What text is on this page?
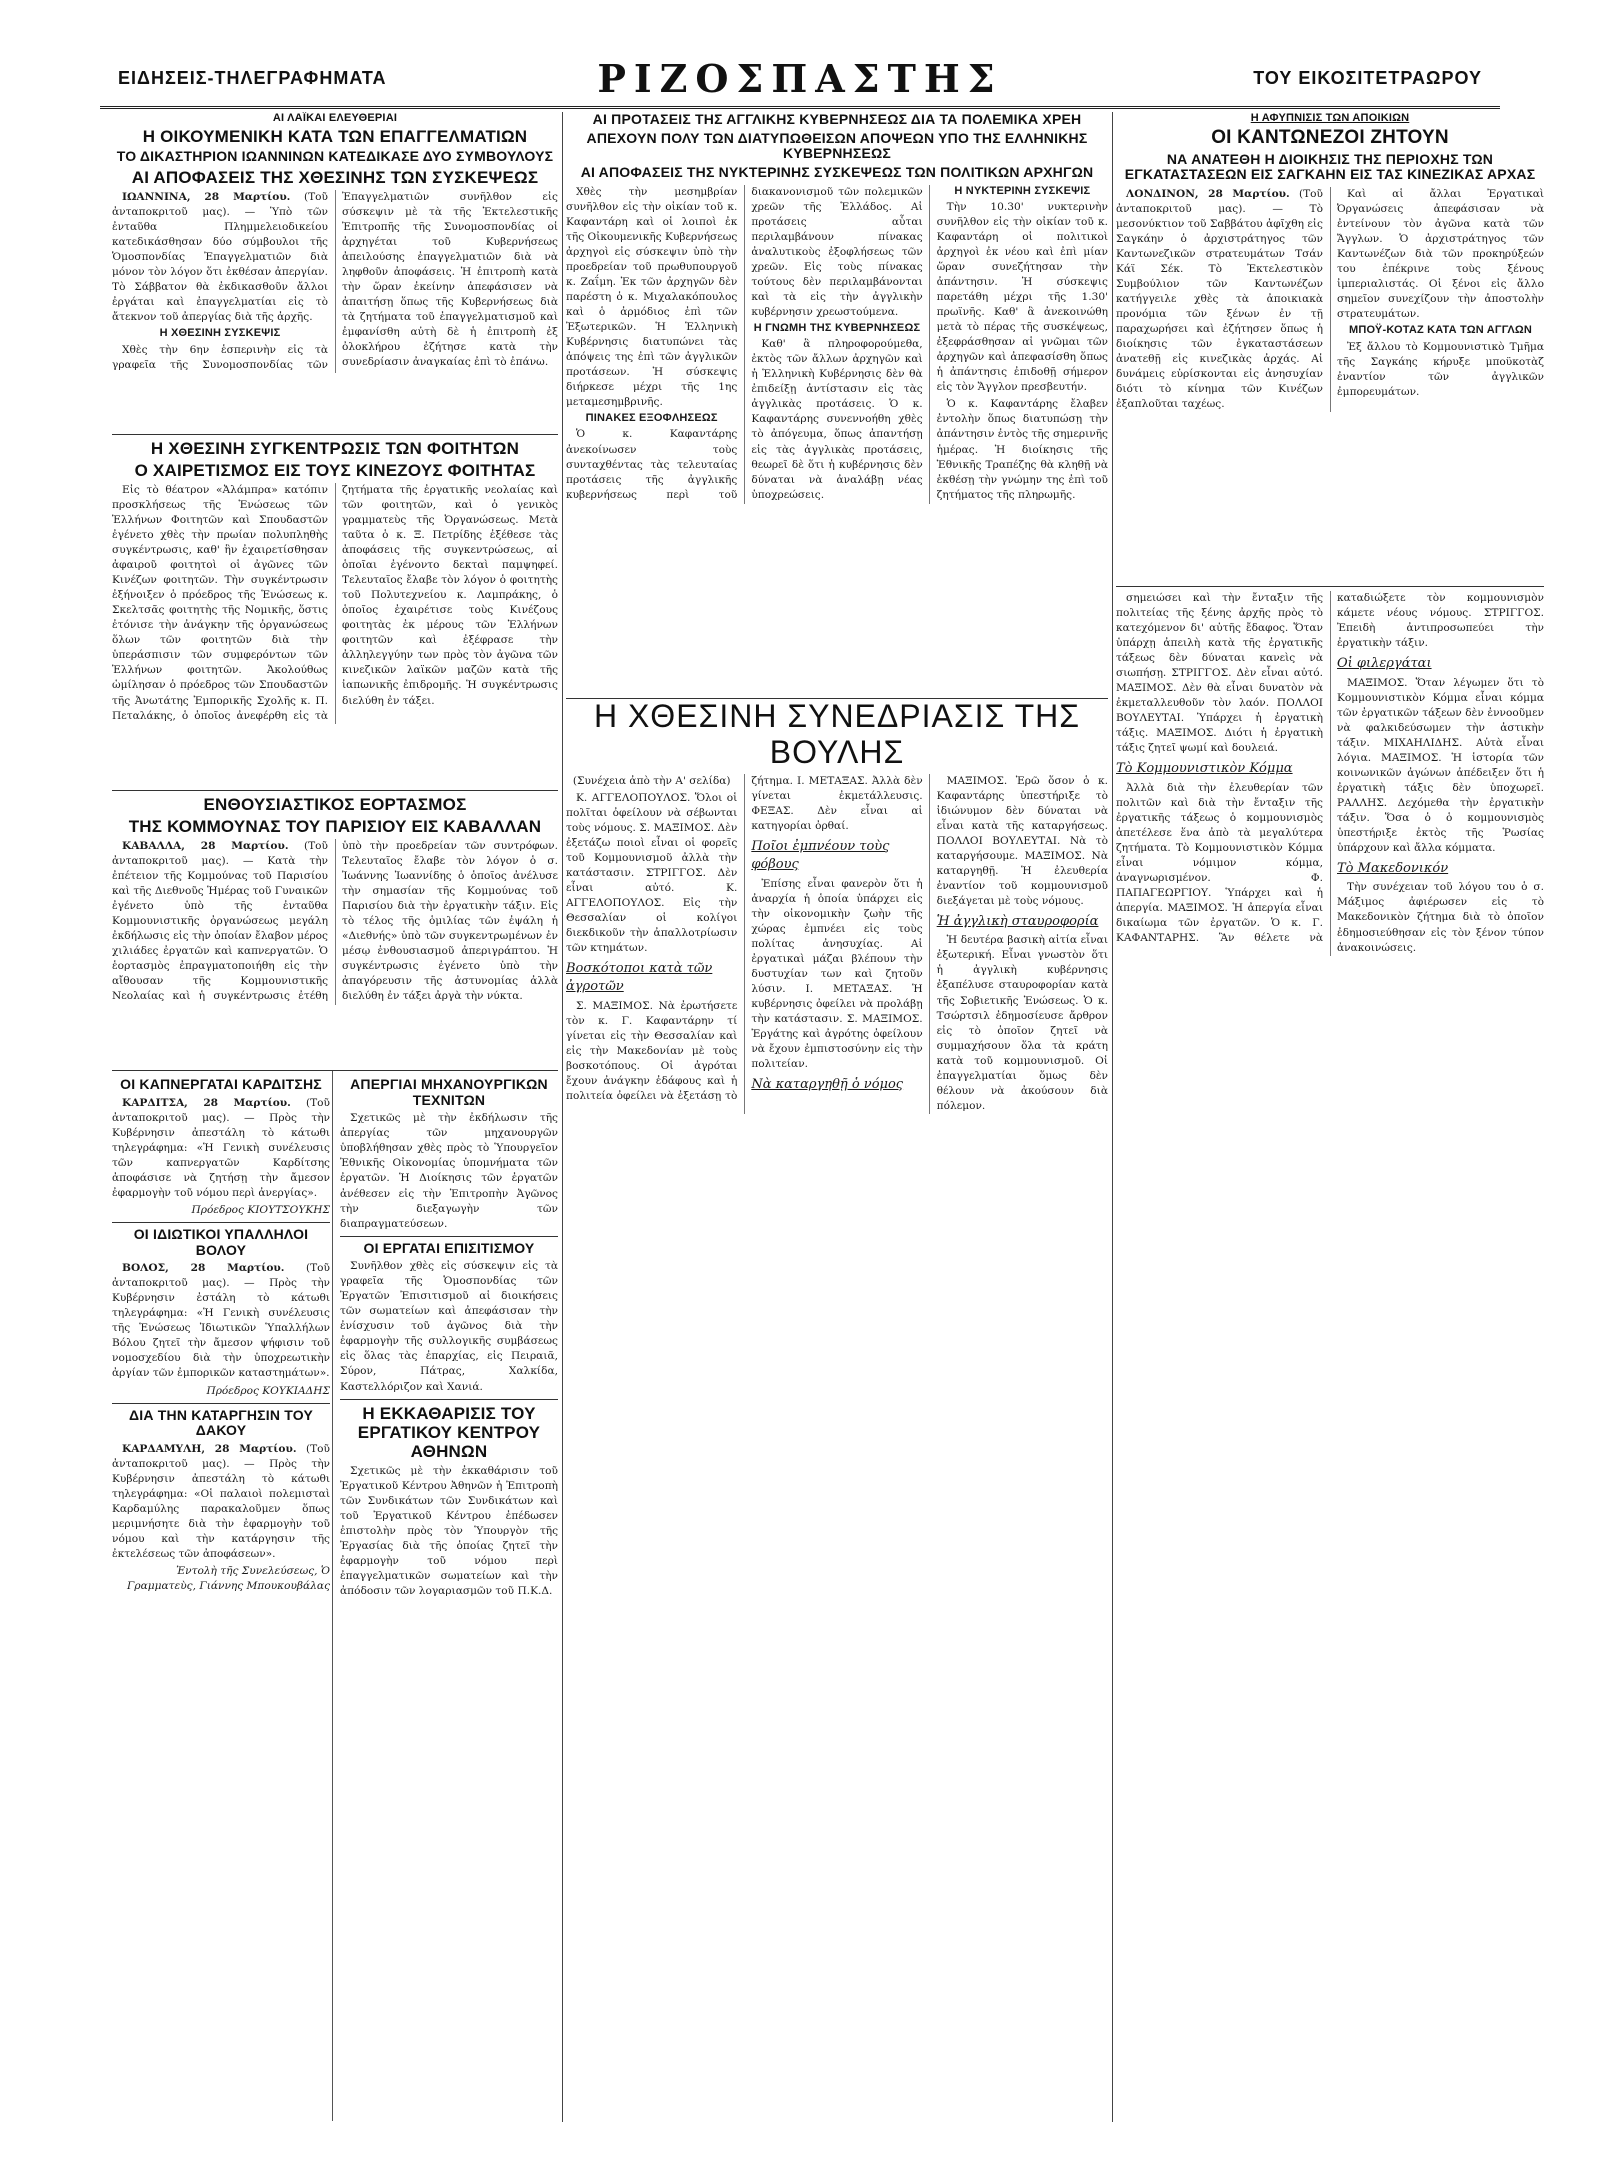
ΕΙΔΗΣΕΙΣ-ΤΗΛΕΓΡΑΦΗΜΑΤΑ	ΡΙΖΟΣΠΑΣΤΗΣ	ΤΟΥ ΕΙΚΟΣΙΤΕΤΡΑΩΡΟΥ
ΑΙ ΛΑΪΚΑΙ ΕΛΕΥΘΕΡΙΑΙ
Η ΟΙΚΟΥΜΕΝΙΚΗ ΚΑΤΑ ΤΩΝ ΕΠΑΓΓΕΛΜΑΤΙΩΝ
ΤΟ ΔΙΚΑΣΤΗΡΙΟΝ ΙΩΑΝΝΙΝΩΝ ΚΑΤΕΔΙΚΑΣΕ ΔΥΟ ΣΥΜΒΟΥΛΟΥΣ
ΑΙ ΑΠΟΦΑΣΕΙΣ ΤΗΣ ΧΘΕΣΙΝΗΣ ΤΩΝ ΣΥΣΚΕΨΕΩΣ

ΙΩΑΝΝΙΝΑ, 28 Μαρτίου. (Τοῦ ἀνταποκριτοῦ μας). — Ὑπὸ τῶν ἐνταῦθα Πλημμελειοδικείου κατεδικάσθησαν δύο σύμβουλοι τῆς Ὁμοσπονδίας Ἐπαγγελματιῶν διὰ μόνον τὸν λόγον ὅτι ἐκθέσαν ἀπεργίαν. Τὸ Σάββατον θὰ ἐκδικασθοῦν ἄλλοι ἐργάται καὶ ἐπαγγελματίαι εἰς τὸ ἄτεκνον τοῦ ἀπεργίας διὰ τῆς ἀρχῆς.

Η ΧΘΕΣΙΝΗ ΣΥΣΚΕΨΙΣ

Χθὲς τὴν 6ην ἑσπερινὴν εἰς τὰ γραφεῖα τῆς Συνομοσπονδίας τῶν Ἐπαγγελματιῶν συνῆλθον εἰς σύσκεψιν μὲ τὰ τῆς Ἐκτελεστικῆς Ἐπιτροπῆς τῆς Συνομοσπονδίας οἱ ἀρχηγέται τοῦ Κυβερνήσεως ἀπειλούσης ἐπαγγελματιῶν διὰ νὰ ληφθοῦν ἀποφάσεις. Ἡ ἐπιτροπὴ κατὰ τὴν ὥραν ἐκείνην ἀπεφάσισεν νὰ ἀπαιτήσῃ ὅπως τῆς Κυβερνήσεως διὰ τὰ ζητήματα τοῦ ἐπαγγελματισμοῦ καὶ ἐμφανίσθη αὐτὴ δὲ ἡ ἐπιτροπὴ ἐξ ὀλοκλήρου ἐζήτησε κατὰ τὴν συνεδρίασιν ἀναγκαίας ἐπὶ τὸ ἐπάνω.

Η ΧΘΕΣΙΝΗ ΣΥΓΚΕΝΤΡΩΣΙΣ ΤΩΝ ΦΟΙΤΗΤΩΝ
Ο ΧΑΙΡΕΤΙΣΜΟΣ ΕΙΣ ΤΟΥΣ ΚΙΝΕΖΟΥΣ ΦΟΙΤΗΤΑΣ

Εἰς τὸ θέατρον «Ἀλάμπρα» κατόπιν προσκλήσεως τῆς Ἑνώσεως τῶν Ἑλλήνων Φοιτητῶν καὶ Σπουδαστῶν ἐγένετο χθὲς τὴν πρωίαν πολυπληθὴς συγκέντρωσις, καθ' ἣν ἐχαιρετίσθησαν ἀφαιροῦ φοιτητοὶ οἱ ἀγῶνες τῶν Κινέζων φοιτητῶν. Τὴν συγκέντρωσιν ἐξήνοιξεν ὁ πρόεδρος τῆς Ἑνώσεως κ. Σκελτσᾶς φοιτητὴς τῆς Νομικῆς, ὅστις ἐτόνισε τὴν ἀνάγκην τῆς ὀργανώσεως ὅλων τῶν φοιτητῶν διὰ τὴν ὑπεράσπισιν τῶν συμφερόντων τῶν Ἑλλήνων φοιτητῶν. Ἀκολούθως ὡμίλησαν ὁ πρόεδρος τῶν Σπουδαστῶν τῆς Ἀνωτάτης Ἐμπορικῆς Σχολῆς κ. Π. Πεταλάκης, ὁ ὁποῖος ἀνεφέρθη εἰς τὰ ζητήματα τῆς ἐργατικῆς νεολαίας καὶ τῶν φοιτητῶν, καὶ ὁ γενικὸς γραμματεὺς τῆς Ὀργανώσεως. Μετὰ ταῦτα ὁ κ. Ξ. Πετρίδης ἐξέθεσε τὰς ἀποφάσεις τῆς συγκεντρώσεως, αἱ ὁποῖαι ἐγένοντο δεκταὶ παμψηφεί. Τελευταῖος ἔλαβε τὸν λόγον ὁ φοιτητὴς τοῦ Πολυτεχνείου κ. Λαμπράκης, ὁ ὁποῖος ἐχαιρέτισε τοὺς Κινέζους φοιτητὰς ἐκ μέρους τῶν Ἑλλήνων φοιτητῶν καὶ ἐξέφρασε τὴν ἀλληλεγγύην των πρὸς τὸν ἀγῶνα τῶν κινεζικῶν λαϊκῶν μαζῶν κατὰ τῆς ἰαπωνικῆς ἐπιδρομῆς. Ἡ συγκέντρωσις διελύθη ἐν τάξει.

ΕΝΘΟΥΣΙΑΣΤΙΚΟΣ ΕΟΡΤΑΣΜΟΣ
ΤΗΣ ΚΟΜΜΟΥΝΑΣ ΤΟΥ ΠΑΡΙΣΙΟΥ ΕΙΣ ΚΑΒΑΛΛΑΝ

ΚΑΒΑΛΛΑ, 28 Μαρτίου. (Τοῦ ἀνταποκριτοῦ μας). — Κατὰ τὴν ἐπέτειον τῆς Κομμούνας τοῦ Παρισίου καὶ τῆς Διεθνοῦς Ἡμέρας τοῦ Γυναικῶν ἐγένετο ὑπὸ τῆς ἐνταῦθα Κομμουνιστικῆς ὀργανώσεως μεγάλη ἐκδήλωσις εἰς τὴν ὁποίαν ἔλαβον μέρος χιλιάδες ἐργατῶν καὶ καπνεργατῶν. Ὁ ἑορτασμὸς ἐπραγματοποιήθη εἰς τὴν αἴθουσαν τῆς Κομμουνιστικῆς Νεολαίας καὶ ἡ συγκέντρωσις ἐτέθη ὑπὸ τὴν προεδρείαν τῶν συντρόφων. Τελευταῖος ἔλαβε τὸν λόγον ὁ σ. Ἰωάννης Ἰωαννίδης ὁ ὁποῖος ἀνέλυσε τὴν σημασίαν τῆς Κομμούνας τοῦ Παρισίου διὰ τὴν ἐργατικὴν τάξιν. Εἰς τὸ τέλος τῆς ὁμιλίας τῶν ἐψάλη ἡ «Διεθνής» ὑπὸ τῶν συγκεντρωμένων ἐν μέσῳ ἐνθουσιασμοῦ ἀπεριγράπτου. Ἡ συγκέντρωσις ἐγένετο ὑπὸ τὴν ἀπαγόρευσιν τῆς ἀστυνομίας ἀλλὰ διελύθη ἐν τάξει ἀργὰ τὴν νύκτα.

ΟΙ ΚΑΠΝΕΡΓΑΤΑΙ ΚΑΡΔΙΤΣΗΣ

ΚΑΡΔΙΤΣΑ, 28 Μαρτίου. (Τοῦ ἀνταποκριτοῦ μας). — Πρὸς τὴν Κυβέρνησιν ἀπεστάλη τὸ κάτωθι τηλεγράφημα: «Ἡ Γενικὴ συνέλευσις τῶν καπνεργατῶν Καρδίτσης ἀποφάσισε νὰ ζητήσῃ τὴν ἄμεσον ἐφαρμογὴν τοῦ νόμου περὶ ἀνεργίας».

Πρόεδρος ΚΙΟΥΤΣΟΥΚΗΣ
ΟΙ ΙΔΙΩΤΙΚΟΙ ΥΠΑΛΛΗΛΟΙ ΒΟΛΟΥ

ΒΟΛΟΣ, 28 Μαρτίου. (Τοῦ ἀνταποκριτοῦ μας). — Πρὸς τὴν Κυβέρνησιν ἐστάλη τὸ κάτωθι τηλεγράφημα: «Ἡ Γενικὴ συνέλευσις τῆς Ἑνώσεως Ἰδιωτικῶν Ὑπαλλήλων Βόλου ζητεῖ τὴν ἄμεσον ψήφισιν τοῦ νομοσχεδίου διὰ τὴν ὑποχρεωτικὴν ἀργίαν τῶν ἐμπορικῶν καταστημάτων».

Πρόεδρος ΚΟΥΚΙΑΔΗΣ
ΔΙΑ ΤΗΝ ΚΑΤΑΡΓΗΣΙΝ ΤΟΥ ΔΑΚΟΥ

ΚΑΡΔΑΜΥΛΗ, 28 Μαρτίου. (Τοῦ ἀνταποκριτοῦ μας). — Πρὸς τὴν Κυβέρνησιν ἀπεστάλη τὸ κάτωθι τηλεγράφημα: «Οἱ παλαιοὶ πολεμισταὶ Καρδαμύλης παρακαλοῦμεν ὅπως μεριμνήσητε διὰ τὴν ἐφαρμογὴν τοῦ νόμου καὶ τὴν κατάργησιν τῆς ἐκτελέσεως τῶν ἀποφάσεων».

Ἐντολὴ τῆς Συνελεύσεως, Ὁ Γραμματεὺς, Γιάννης Μπουκουβάλας
ΑΠΕΡΓΙΑΙ ΜΗΧΑΝΟΥΡΓΙΚΩΝ ΤΕΧΝΙΤΩΝ

Σχετικῶς μὲ τὴν ἐκδήλωσιν τῆς ἀπεργίας τῶν μηχανουργῶν ὑποβλήθησαν χθὲς πρὸς τὸ Ὑπουργεῖον Ἐθνικῆς Οἰκονομίας ὑπομνήματα τῶν ἐργατῶν. Ἡ Διοίκησις τῶν ἐργατῶν ἀνέθεσεν εἰς τὴν Ἐπιτροπὴν Ἀγῶνος τὴν διεξαγωγὴν τῶν διαπραγματεύσεων.

ΟΙ ΕΡΓΑΤΑΙ ΕΠΙΣΙΤΙΣΜΟΥ

Συνῆλθον χθὲς εἰς σύσκεψιν εἰς τὰ γραφεῖα τῆς Ὁμοσπονδίας τῶν Ἐργατῶν Ἐπισιτισμοῦ αἱ διοικήσεις τῶν σωματείων καὶ ἀπεφάσισαν τὴν ἐνίσχυσιν τοῦ ἀγῶνος διὰ τὴν ἐφαρμογὴν τῆς συλλογικῆς συμβάσεως εἰς ὅλας τὰς ἐπαρχίας, εἰς Πειραιᾶ, Σύρον, Πάτρας, Χαλκίδα, Καστελλόριζον καὶ Χανιά.

Η ΕΚΚΑΘΑΡΙΣΙΣ ΤΟΥ ΕΡΓΑΤΙΚΟΥ ΚΕΝΤΡΟΥ ΑΘΗΝΩΝ

Σχετικῶς μὲ τὴν ἐκκαθάρισιν τοῦ Ἐργατικοῦ Κέντρου Ἀθηνῶν ἡ Ἐπιτροπὴ τῶν Συνδικάτων τῶν Συνδικάτων καὶ τοῦ Ἐργατικοῦ Κέντρου ἐπέδωσεν ἐπιστολὴν πρὸς τὸν Ὑπουργὸν τῆς Ἐργασίας διὰ τῆς ὁποίας ζητεῖ τὴν ἐφαρμογὴν τοῦ νόμου περὶ ἐπαγγελματικῶν σωματείων καὶ τὴν ἀπόδοσιν τῶν λογαριασμῶν τοῦ Π.Κ.Δ.

ΑΙ ΠΡΟΤΑΣΕΙΣ ΤΗΣ ΑΓΓΛΙΚΗΣ ΚΥΒΕΡΝΗΣΕΩΣ ΔΙΑ ΤΑ ΠΟΛΕΜΙΚΑ ΧΡΕΗ
ΑΠΕΧΟΥΝ ΠΟΛΥ ΤΩΝ ΔΙΑΤΥΠΩΘΕΙΣΩΝ ΑΠΟΨΕΩΝ ΥΠΟ ΤΗΣ ΕΛΛΗΝΙΚΗΣ ΚΥΒΕΡΝΗΣΕΩΣ
ΑΙ ΑΠΟΦΑΣΕΙΣ ΤΗΣ ΝΥΚΤΕΡΙΝΗΣ ΣΥΣΚΕΨΕΩΣ ΤΩΝ ΠΟΛΙΤΙΚΩΝ ΑΡΧΗΓΩΝ

Χθὲς τὴν μεσημβρίαν συνῆλθον εἰς τὴν οἰκίαν τοῦ κ. Καφαντάρη καὶ οἱ λοιποὶ ἐκ τῆς Οἰκουμενικῆς Κυβερνήσεως ἀρχηγοὶ εἰς σύσκεψιν ὑπὸ τὴν προεδρείαν τοῦ πρωθυπουργοῦ κ. Ζαΐμη. Ἐκ τῶν ἀρχηγῶν δὲν παρέστη ὁ κ. Μιχαλακόπουλος καὶ ὁ ἀρμόδιος ἐπὶ τῶν Ἐξωτερικῶν. Ἡ Ἑλληνικὴ Κυβέρνησις διατυπώνει τὰς ἀπόψεις της ἐπὶ τῶν ἀγγλικῶν προτάσεων. Ἡ σύσκεψις διήρκεσε μέχρι τῆς 1ης μεταμεσημβρινῆς.

ΠΙΝΑΚΕΣ ΕΞΟΦΛΗΣΕΩΣ

Ὁ κ. Καφαντάρης ἀνεκοίνωσεν τοὺς συνταχθέντας τὰς τελευταίας προτάσεις τῆς ἀγγλικῆς κυβερνήσεως περὶ τοῦ διακανονισμοῦ τῶν πολεμικῶν χρεῶν τῆς Ἑλλάδος. Αἱ προτάσεις αὗται περιλαμβάνουν πίνακας ἀναλυτικοὺς ἐξοφλήσεως τῶν χρεῶν. Εἰς τοὺς πίνακας τούτους δὲν περιλαμβάνονται καὶ τὰ εἰς τὴν ἀγγλικὴν κυβέρνησιν χρεωστούμενα.

Η ΓΝΩΜΗ ΤΗΣ ΚΥΒΕΡΝΗΣΕΩΣ

Καθ' ἃ πληροφορούμεθα, ἐκτὸς τῶν ἄλλων ἀρχηγῶν καὶ ἡ Ἑλληνικὴ Κυβέρνησις δὲν θὰ ἐπιδείξῃ ἀντίστασιν εἰς τὰς ἀγγλικὰς προτάσεις. Ὁ κ. Καφαντάρης συνεννοήθη χθὲς τὸ ἀπόγευμα, ὅπως ἀπαντήσῃ εἰς τὰς ἀγγλικὰς προτάσεις, θεωρεῖ δὲ ὅτι ἡ κυβέρνησις δὲν δύναται νὰ ἀναλάβῃ νέας ὑποχρεώσεις.

Η ΝΥΚΤΕΡΙΝΗ ΣΥΣΚΕΨΙΣ

Τὴν 10.30' νυκτερινὴν συνῆλθον εἰς τὴν οἰκίαν τοῦ κ. Καφαντάρη οἱ πολιτικοὶ ἀρχηγοὶ ἐκ νέου καὶ ἐπὶ μίαν ὥραν συνεζήτησαν τὴν ἀπάντησιν. Ἡ σύσκεψις παρετάθη μέχρι τῆς 1.30' πρωϊνῆς. Καθ' ἃ ἀνεκοινώθη μετὰ τὸ πέρας τῆς συσκέψεως, ἐξεφράσθησαν αἱ γνῶμαι τῶν ἀρχηγῶν καὶ ἀπεφασίσθη ὅπως ἡ ἀπάντησις ἐπιδοθῇ σήμερον εἰς τὸν Ἄγγλον πρεσβευτήν.

Ὁ κ. Καφαντάρης ἔλαβεν ἐντολὴν ὅπως διατυπώσῃ τὴν ἀπάντησιν ἐντὸς τῆς σημερινῆς ἡμέρας. Ἡ διοίκησις τῆς Ἐθνικῆς Τραπέζης θὰ κληθῇ νὰ ἐκθέσῃ τὴν γνώμην της ἐπὶ τοῦ ζητήματος τῆς πληρωμῆς.

Η ΧΘΕΣΙΝΗ ΣΥΝΕΔΡΙΑΣΙΣ ΤΗΣ ΒΟΥΛΗΣ

(Συνέχεια ἀπὸ τὴν Α' σελίδα)

Κ. ΑΓΓΕΛΟΠΟΥΛΟΣ. Ὅλοι οἱ πολῖται ὀφείλουν νὰ σέβωνται τοὺς νόμους. Σ. ΜΑΞΙΜΟΣ. Δὲν ἐξετάζω ποιοὶ εἶναι οἱ φορεῖς τοῦ Κομμουνισμοῦ ἀλλὰ τὴν κατάστασιν. ΣΤΡΙΓΓΟΣ. Δὲν εἶναι αὐτό. Κ. ΑΓΓΕΛΟΠΟΥΛΟΣ. Εἰς τὴν Θεσσαλίαν οἱ κολίγοι διεκδικοῦν τὴν ἀπαλλοτρίωσιν τῶν κτημάτων.

Βοσκότοποι κατὰ τῶν ἀγροτῶν

Σ. ΜΑΞΙΜΟΣ. Νὰ ἐρωτήσετε τὸν κ. Γ. Καφαντάρην τί γίνεται εἰς τὴν Θεσσαλίαν καὶ εἰς τὴν Μακεδονίαν μὲ τοὺς βοσκοτόπους. Οἱ ἀγρόται ἔχουν ἀνάγκην ἐδάφους καὶ ἡ πολιτεία ὀφείλει νὰ ἐξετάσῃ τὸ ζήτημα. Ι. ΜΕΤΑΞΑΣ. Ἀλλὰ δὲν γίνεται ἐκμετάλλευσις. ΦΕΞΑΣ. Δὲν εἶναι αἱ κατηγορίαι ὀρθαί.

Ποῖοι ἐμπνέουν τοὺς φόβους

Ἐπίσης εἶναι φανερὸν ὅτι ἡ ἀναρχία ἡ ὁποία ὑπάρχει εἰς τὴν οἰκονομικὴν ζωὴν τῆς χώρας ἐμπνέει εἰς τοὺς πολίτας ἀνησυχίας. Αἱ ἐργατικαὶ μάζαι βλέπουν τὴν δυστυχίαν των καὶ ζητοῦν λύσιν. Ι. ΜΕΤΑΞΑΣ. Ἡ κυβέρνησις ὀφείλει νὰ προλάβῃ τὴν κατάστασιν. Σ. ΜΑΞΙΜΟΣ. Ἐργάτης καὶ ἀγρότης ὀφείλουν νὰ ἔχουν ἐμπιστοσύνην εἰς τὴν πολιτείαν.

Νὰ καταργηθῇ ὁ νόμος

ΜΑΞΙΜΟΣ. Ἐρῶ ὅσον ὁ κ. Καφαντάρης ὑπεστήριξε τὸ ἰδιώνυμον δὲν δύναται νὰ εἶναι κατὰ τῆς καταργήσεως. ΠΟΛΛΟΙ ΒΟΥΛΕΥΤΑΙ. Νὰ τὸ καταργήσουμε. ΜΑΞΙΜΟΣ. Νὰ καταργηθῇ. Ἡ ἐλευθερία ἐναντίον τοῦ κομμουνισμοῦ διεξάγεται μὲ τοὺς νόμους.

Ἡ ἀγγλικὴ σταυροφορία

Ἡ δευτέρα βασικὴ αἰτία εἶναι ἐξωτερική. Εἶναι γνωστὸν ὅτι ἡ ἀγγλικὴ κυβέρνησις ἐξαπέλυσε σταυροφορίαν κατὰ τῆς Σοβιετικῆς Ἑνώσεως. Ὁ κ. Τσώρτσιλ ἐδημοσίευσε ἄρθρον εἰς τὸ ὁποῖον ζητεῖ νὰ συμμαχήσουν ὅλα τὰ κράτη κατὰ τοῦ κομμουνισμοῦ. Οἱ ἐπαγγελματίαι ὅμως δὲν θέλουν νὰ ἀκούσουν διὰ πόλεμον.

Η ΑΦΥΠΝΙΣΙΣ ΤΩΝ ΑΠΟΙΚΙΩΝ
ΟΙ ΚΑΝΤΩΝΕΖΟΙ ΖΗΤΟΥΝ
ΝΑ ΑΝΑΤΕΘΗ Η ΔΙΟΙΚΗΣΙΣ ΤΗΣ ΠΕΡΙΟΧΗΣ ΤΩΝ ΕΓΚΑΤΑΣΤΑΣΕΩΝ ΕΙΣ ΣΑΓΚΑΗΝ ΕΙΣ ΤΑΣ ΚΙΝΕΖΙΚΑΣ ΑΡΧΑΣ

ΛΟΝΔΙΝΟΝ, 28 Μαρτίου. (Τοῦ ἀνταποκριτοῦ μας). — Τὸ μεσονύκτιον τοῦ Σαββάτου ἀφῖχθη εἰς Σαγκάην ὁ ἀρχιστράτηγος τῶν Καντωνεζικῶν στρατευμάτων Τσάν Κάϊ Σέκ. Τὸ Ἐκτελεστικὸν Συμβούλιον τῶν Καντωνέζων κατήγγειλε χθὲς τὰ ἀποικιακὰ προνόμια τῶν ξένων ἐν τῇ παραχωρήσει καὶ ἐζήτησεν ὅπως ἡ διοίκησις τῶν ἐγκαταστάσεων ἀνατεθῇ εἰς κινεζικὰς ἀρχάς. Αἱ δυνάμεις εὑρίσκονται εἰς ἀνησυχίαν διότι τὸ κίνημα τῶν Κινέζων ἐξαπλοῦται ταχέως.

Καὶ αἱ ἄλλαι Ἐργατικαὶ Ὀργανώσεις ἀπεφάσισαν νὰ ἐντείνουν τὸν ἀγῶνα κατὰ τῶν Ἄγγλων. Ὁ ἀρχιστράτηγος τῶν Καντωνέζων διὰ τῶν προκηρύξεών του ἐπέκρινε τοὺς ξένους ἰμπεριαλιστάς. Οἱ ξένοι εἰς ἄλλο σημεῖον συνεχίζουν τὴν ἀποστολὴν στρατευμάτων.

ΜΠΟΫ-ΚΟΤΑΖ ΚΑΤΑ ΤΩΝ ΑΓΓΛΩΝ

Ἐξ ἄλλου τὸ Κομμουνιστικὸ Τμῆμα τῆς Σαγκάης κήρυξε μποϋκοτὰζ ἐναντίον τῶν ἀγγλικῶν ἐμπορευμάτων.

σημειώσει καὶ τὴν ἔνταξιν τῆς πολιτείας τῆς ξένης ἀρχῆς πρὸς τὸ κατεχόμενον δι' αὐτῆς ἔδαφος. Ὅταν ὑπάρχῃ ἀπειλὴ κατὰ τῆς ἐργατικῆς τάξεως δὲν δύναται κανεὶς νὰ σιωπήσῃ. ΣΤΡΙΓΓΟΣ. Δὲν εἶναι αὐτό. ΜΑΞΙΜΟΣ. Δὲν θὰ εἶναι δυνατὸν νὰ ἐκμεταλλευθοῦν τὸν λαόν. ΠΟΛΛΟΙ ΒΟΥΛΕΥΤΑΙ. Ὑπάρχει ἡ ἐργατικὴ τάξις. ΜΑΞΙΜΟΣ. Διότι ἡ ἐργατικὴ τάξις ζητεῖ ψωμί καὶ δουλειά.

Τὸ Κομμουνιστικὸν Κόμμα

Ἀλλὰ διὰ τὴν ἐλευθερίαν τῶν πολιτῶν καὶ διὰ τὴν ἔνταξιν τῆς ἐργατικῆς τάξεως ὁ κομμουνισμὸς ἀπετέλεσε ἕνα ἀπὸ τὰ μεγαλύτερα ζητήματα. Τὸ Κομμουνιστικὸν Κόμμα εἶναι νόμιμον κόμμα, ἀναγνωρισμένον. Φ. ΠΑΠΑΓΕΩΡΓΙΟΥ. Ὑπάρχει καὶ ἡ ἀπεργία. ΜΑΞΙΜΟΣ. Ἡ ἀπεργία εἶναι δικαίωμα τῶν ἐργατῶν. Ὁ κ. Γ. ΚΑΦΑΝΤΑΡΗΣ. Ἂν θέλετε νὰ καταδιώξετε τὸν κομμουνισμὸν κάμετε νέους νόμους. ΣΤΡΙΓΓΟΣ. Ἐπειδὴ ἀντιπροσωπεύει τὴν ἐργατικὴν τάξιν.

Οἱ φιλεργάται

ΜΑΞΙΜΟΣ. Ὅταν λέγωμεν ὅτι τὸ Κομμουνιστικὸν Κόμμα εἶναι κόμμα τῶν ἐργατικῶν τάξεων δὲν ἐννοοῦμεν νὰ φαλκιδεύσωμεν τὴν ἀστικὴν τάξιν. ΜΙΧΑΗΛΙΔΗΣ. Αὐτὰ εἶναι λόγια. ΜΑΞΙΜΟΣ. Ἡ ἱστορία τῶν κοινωνικῶν ἀγώνων ἀπέδειξεν ὅτι ἡ ἐργατικὴ τάξις δὲν ὑποχωρεῖ. ΡΑΛΛΗΣ. Δεχόμεθα τὴν ἐργατικὴν τάξιν. Ὅσα ὁ ὁ κομμουνισμὸς ὑπεστήριξε ἐκτὸς τῆς Ῥωσίας ὑπάρχουν καὶ ἄλλα κόμματα.

Τὸ Μακεδονικόν

Τὴν συνέχειαν τοῦ λόγου του ὁ σ. Μάξιμος ἀφιέρωσεν εἰς τὸ Μακεδονικὸν ζήτημα διὰ τὸ ὁποῖον ἐδημοσιεύθησαν εἰς τὸν ξένον τύπον ἀνακοινώσεις.
